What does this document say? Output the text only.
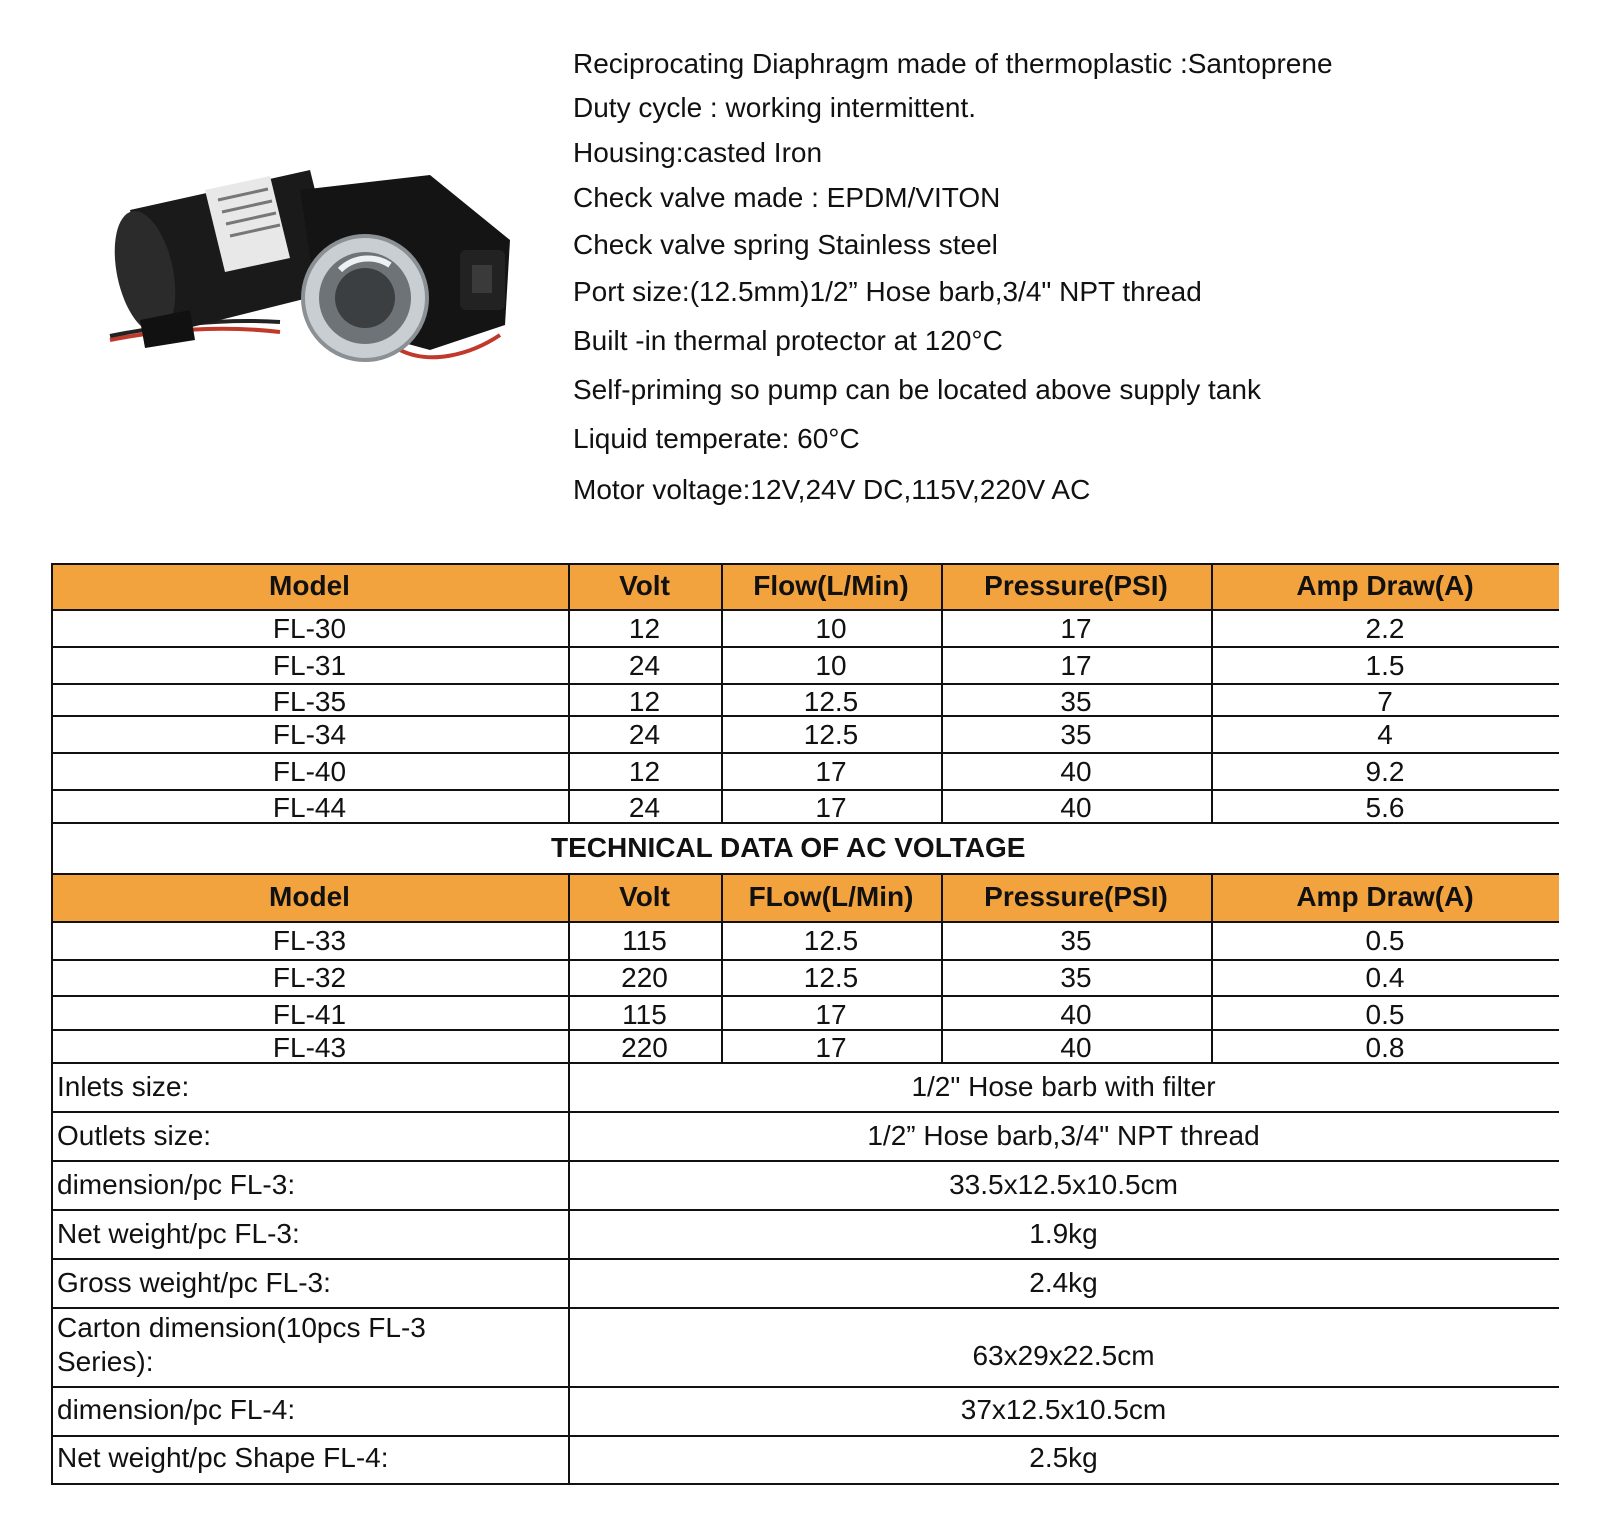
Reciprocating Diaphragm made of thermoplastic :Santoprene
Duty cycle : working intermittent.
Housing:casted Iron
Check valve made : EPDM/VITON
Check valve spring Stainless steel
Port size:(12.5mm)1/2” Hose barb,3/4" NPT thread
Built -in thermal protector at 120°C
Self-priming so pump can be located above supply tank
Liquid temperate: 60°C
Motor voltage:12V,24V DC,115V,220V AC
Model	Volt	Flow(L/Min)	Pressure(PSI)	Amp Draw(A)
FL-30	12	10	17	2.2
FL-31	24	10	17	1.5
FL-35	12	12.5	35	7
FL-34	24	12.5	35	4
FL-40	12	17	40	9.2
FL-44	24	17	40	5.6
TECHNICAL DATA OF AC VOLTAGE
Model	Volt	FLow(L/Min)	Pressure(PSI)	Amp Draw(A)
FL-33	115	12.5	35	0.5
FL-32	220	12.5	35	0.4
FL-41	115	17	40	0.5
FL-43	220	17	40	0.8
Inlets size:	1/2" Hose barb with filter
Outlets size:	1/2” Hose barb,3/4" NPT thread
dimension/pc FL-3:	33.5x12.5x10.5cm
Net weight/pc FL-3:	1.9kg
Gross weight/pc FL-3:	2.4kg
Carton dimension(10pcs FL-3 Series):	63x29x22.5cm
dimension/pc FL-4:	37x12.5x10.5cm
Net weight/pc Shape FL-4:	2.5kg
